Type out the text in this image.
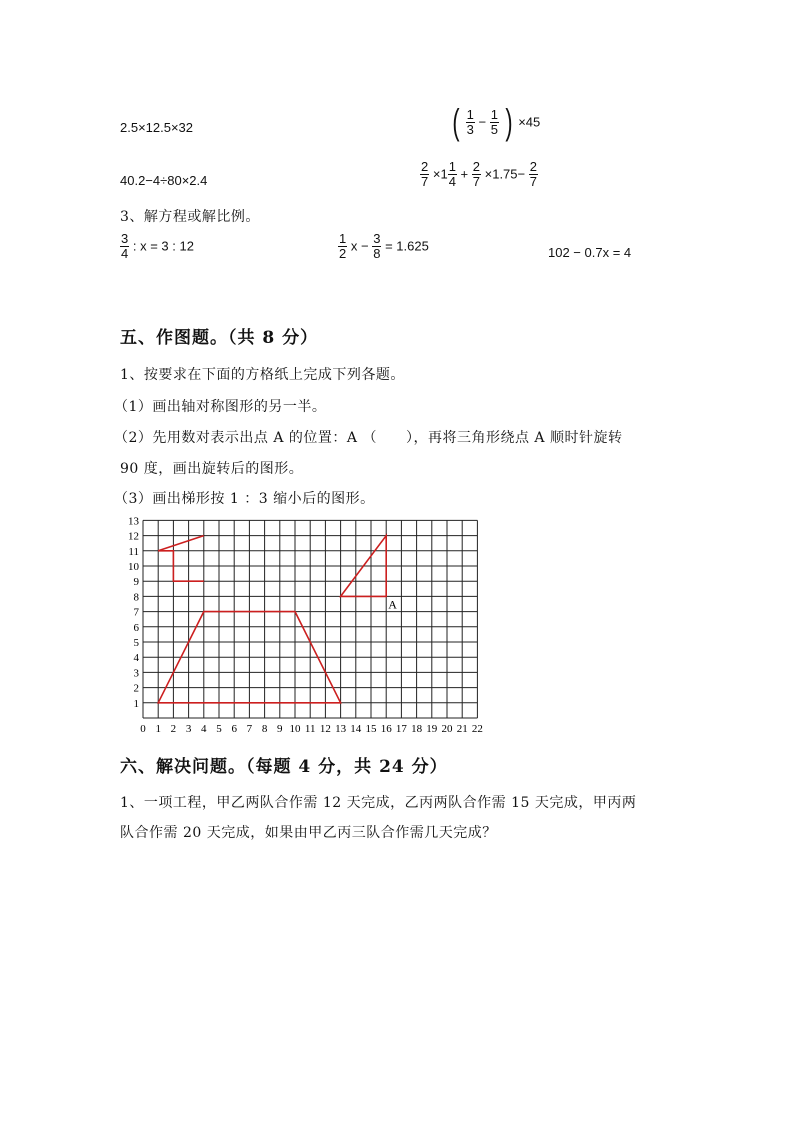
2.5×12.5×32	( $\frac{1}{3} - \frac{1}{5}$ ) ×45
40.2−4÷80×2.4	$\frac{2}{7} \times 1 \frac{1}{4} + \frac{2}{7} \times 1.75- \frac{2}{7}$
3、解方程或解比例。
$\frac{3}{4}$ : x = 3 : 12	$\frac{1}{2}$ $x - \frac{3}{8} = 1.625$	102 − 0.7x = 4
五、作图题。（共 8 分）
1、按要求在下面的方格纸上完成下列各题。
（1）画出轴对称图形的另一半。
（2）先用数对表示出点 A 的位置：A （　　），再将三角形绕点 A 顺时针旋转
90 度，画出旋转后的图形。
（3）画出梯形按 1 ：3 缩小后的图形。
0 1 2 3 4 5 6 7 8 9 10 11 12 13 14 15 16 17 18 19 20 21 22
1
2
3
4
5
6
7
8
9
10
11
12
13
A
六、解决问题。（每题 4 分，共 24 分）
1、一项工程，甲乙两队合作需 12 天完成，乙丙两队合作需 15 天完成，甲丙两
队合作需 20 天完成，如果由甲乙丙三队合作需几天完成？
